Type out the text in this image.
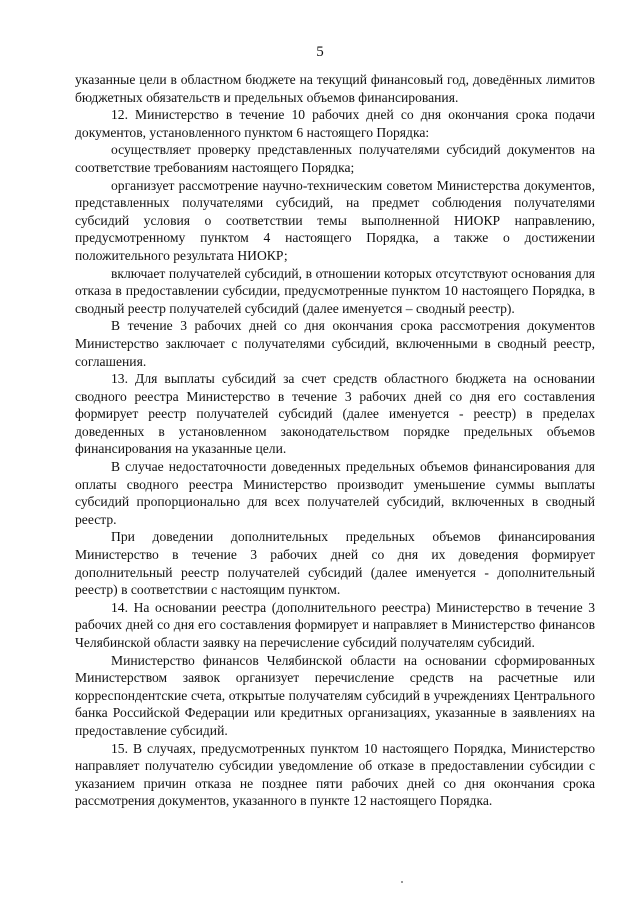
5

указанные цели в областном бюджете на текущий финансовый год, доведённых лимитов бюджетных обязательств и предельных объемов финансирования.

12. Министерство в течение 10 рабочих дней со дня окончания срока подачи документов, установленного пунктом 6 настоящего Порядка:

осуществляет проверку представленных получателями субсидий документов на соответствие требованиям настоящего Порядка;

организует рассмотрение научно-техническим советом Министерства документов, представленных получателями субсидий, на предмет соблюдения получателями субсидий условия о соответствии темы выполненной НИОКР направлению, предусмотренному пунктом 4 настоящего Порядка, а также о достижении положительного результата НИОКР;

включает получателей субсидий, в отношении которых отсутствуют основания для отказа в предоставлении субсидии, предусмотренные пунктом 10 настоящего Порядка, в сводный реестр получателей субсидий (далее именуется – сводный реестр).

В течение 3 рабочих дней со дня окончания срока рассмотрения документов Министерство заключает с получателями субсидий, включенными в сводный реестр, соглашения.

13. Для выплаты субсидий за счет средств областного бюджета на основании сводного реестра Министерство в течение 3 рабочих дней со дня его составления формирует реестр получателей субсидий (далее именуется - реестр) в пределах доведенных в установленном законодательством порядке предельных объемов финансирования на указанные цели.

В случае недостаточности доведенных предельных объемов финансирования для оплаты сводного реестра Министерство производит уменьшение суммы выплаты субсидий пропорционально для всех получателей субсидий, включенных в сводный реестр.

При доведении дополнительных предельных объемов финансирования Министерство в течение 3 рабочих дней со дня их доведения формирует дополнительный реестр получателей субсидий (далее именуется - дополнительный реестр) в соответствии с настоящим пунктом.

14. На основании реестра (дополнительного реестра) Министерство в течение 3 рабочих дней со дня его составления формирует и направляет в Министерство финансов Челябинской области заявку на перечисление субсидий получателям субсидий.

Министерство финансов Челябинской области на основании сформированных Министерством заявок организует перечисление средств на расчетные или корреспондентские счета, открытые получателям субсидий в учреждениях Центрального банка Российской Федерации или кредитных организациях, указанные в заявлениях на предоставление субсидий.

15. В случаях, предусмотренных пунктом 10 настоящего Порядка, Министерство направляет получателю субсидии уведомление об отказе в предоставлении субсидии с указанием причин отказа не позднее пяти рабочих дней со дня окончания срока рассмотрения документов, указанного в пункте 12 настоящего Порядка.
